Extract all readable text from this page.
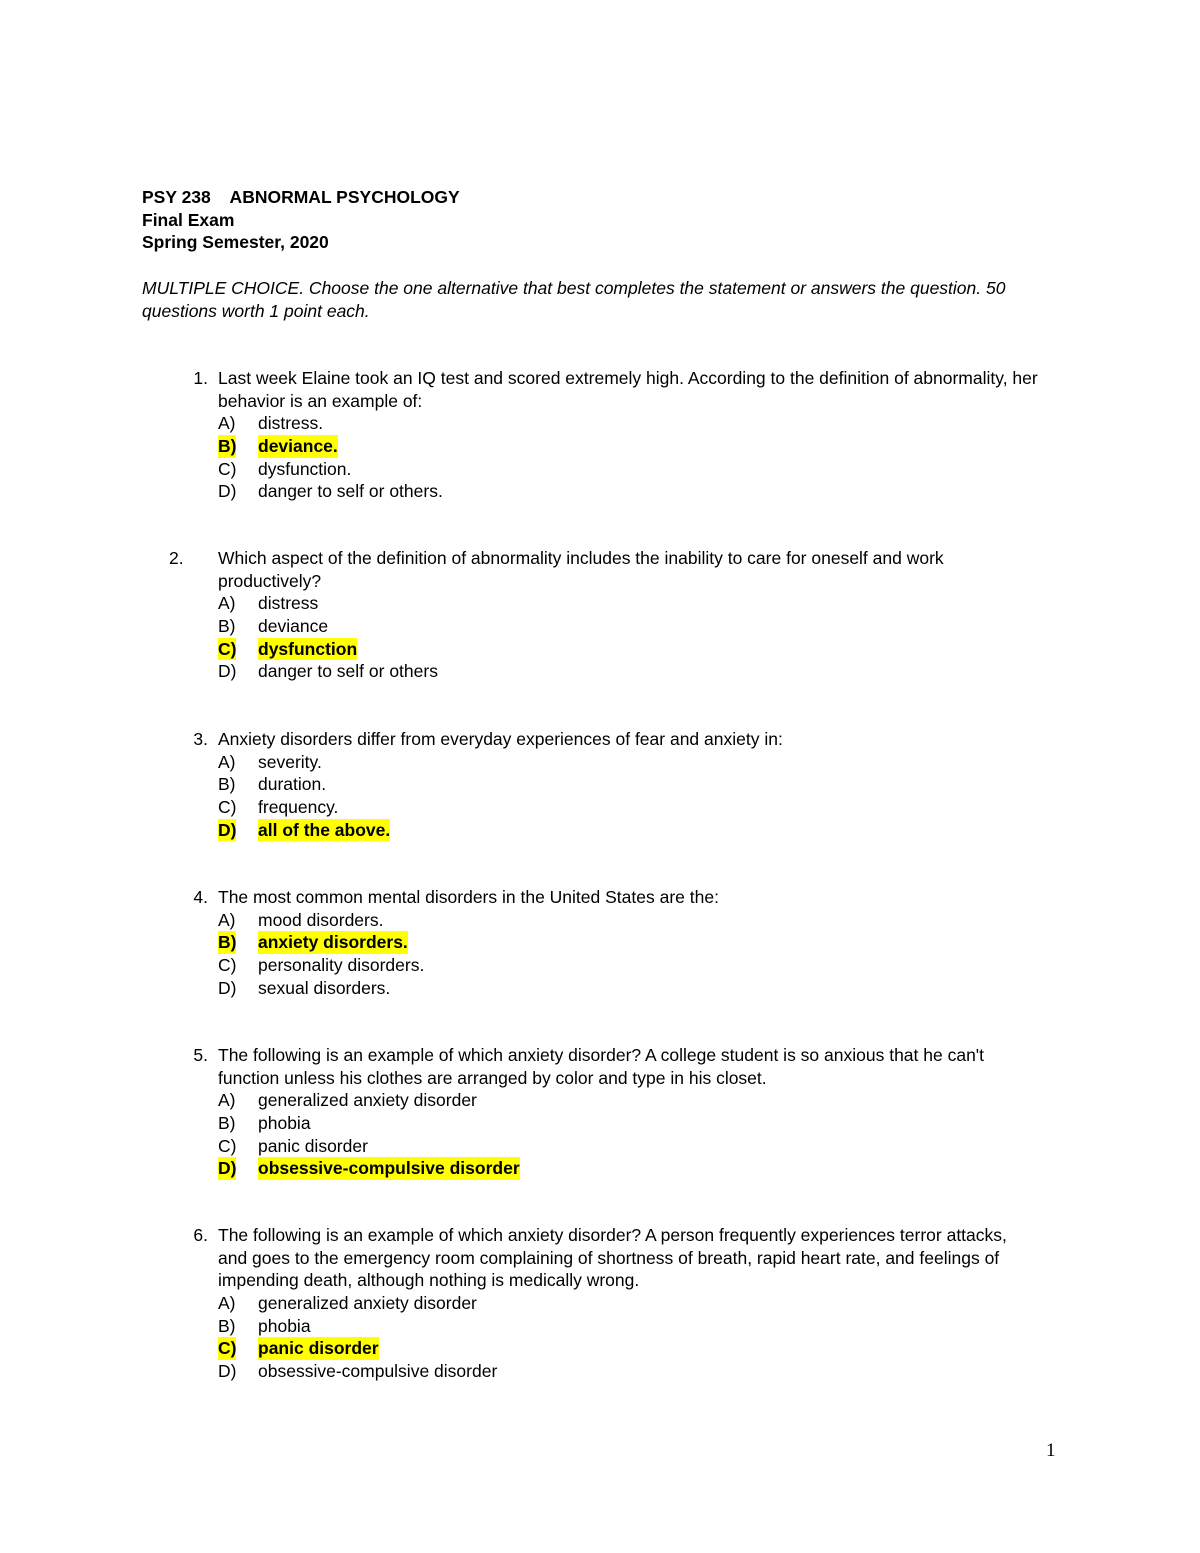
PSY 238    ABNORMAL PSYCHOLOGY
Final Exam
Spring Semester, 2020
MULTIPLE CHOICE. Choose the one alternative that best completes the statement or answers the question. 50 questions worth 1 point each.
1. Last week Elaine took an IQ test and scored extremely high. According to the definition of abnormality, her behavior is an example of:

A) distress.
B) deviance.
C) dysfunction.
D) danger to self or others.
2.	Which aspect of the definition of abnormality includes the inability to care for oneself and work productively?

A) distress
B) deviance
C) dysfunction
D) danger to self or others
3. Anxiety disorders differ from everyday experiences of fear and anxiety in:

A) severity.
B) duration.
C) frequency.
D) all of the above.
4. The most common mental disorders in the United States are the:

A) mood disorders.
B) anxiety disorders.
C) personality disorders.
D) sexual disorders.
5. The following is an example of which anxiety disorder? A college student is so anxious that he can't function unless his clothes are arranged by color and type in his closet.

A) generalized anxiety disorder
B) phobia
C) panic disorder
D) obsessive-compulsive disorder
6. The following is an example of which anxiety disorder? A person frequently experiences terror attacks, and goes to the emergency room complaining of shortness of breath, rapid heart rate, and feelings of impending death, although nothing is medically wrong.

A) generalized anxiety disorder
B) phobia
C) panic disorder
D) obsessive-compulsive disorder
1
